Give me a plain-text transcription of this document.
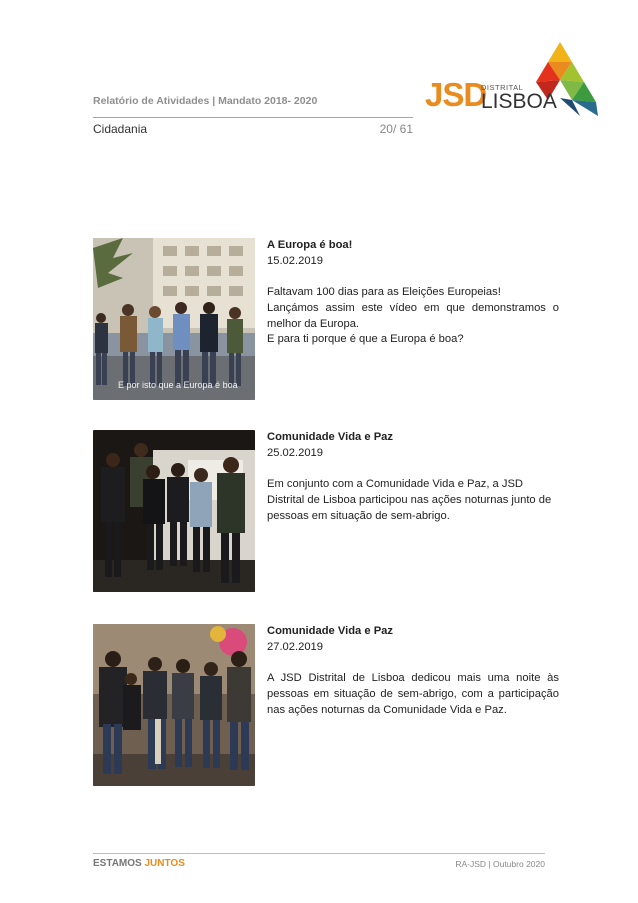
Relatório de Atividades | Mandato 2018- 2020
Cidadania	20/ 61
JSD
DISTRITAL
LISBOA
E por isto que a Europa é boa

A Europa é boa!

15.02.2019

Faltavam 100 dias para as Eleições Europeias!

Lançámos assim este vídeo em que demonstramos o melhor da Europa.

E para ti porque é que a Europa é boa?

Comunidade Vida e Paz

25.02.2019

Em conjunto com a Comunidade Vida e Paz, a JSD Distrital de Lisboa participou nas ações noturnas junto de pessoas em situação de sem-abrigo.

Comunidade Vida e Paz

27.02.2019

A JSD Distrital de Lisboa dedicou mais uma noite às pessoas em situação de sem-abrigo, com a participação nas ações noturnas da Comunidade Vida e Paz.

ESTAMOS JUNTOS	RA-JSD | Outubro 2020
